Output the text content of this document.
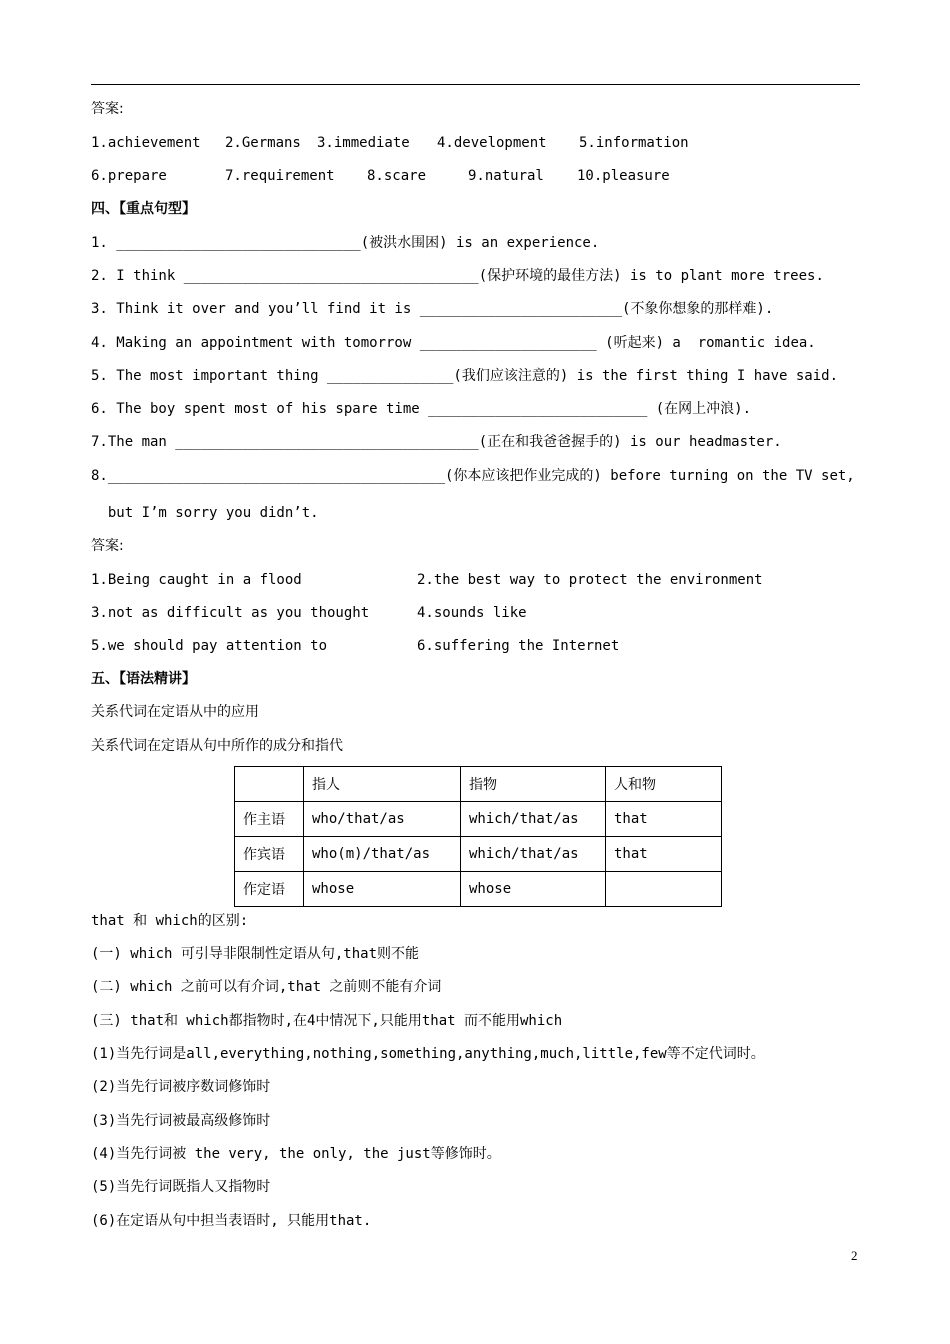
答案:
1.achievement 2.Germans 3.immediate 4.development 5.information
6.prepare	7.requirement 8.scare	9.natural 10.pleasure
四、【重点句型】
1. _____________________________(被洪水围困) is an experience.
2. I think ___________________________________(保护环境的最佳方法) is to plant more trees.
3. Think it over and you’ll find it is ________________________(不象你想象的那样难).
4. Making an appointment with tomorrow _____________________ (听起来) a  romantic idea.
5. The most important thing _______________(我们应该注意的) is the first thing I have said.
6. The boy spent most of his spare time __________________________ (在网上冲浪).
7.The man ____________________________________(正在和我爸爸握手的) is our headmaster.
8.________________________________________(你本应该把作业完成的) before turning on the TV set,
but I’m sorry you didn’t.
答案:
1.Being caught in a flood	2.the best way to protect the environment
3.not as difficult as you thought	4.sounds like
5.we should pay attention to	6.suffering the Internet
五、【语法精讲】
关系代词在定语从中的应用
关系代词在定语从句中所作的成分和指代
	指人	指物	人和物
作主语	who/that/as	which/that/as	that
作宾语	who(m)/that/as	which/that/as	that
作定语	whose	whose	
that 和 which的区别:
(一) which 可引导非限制性定语从句,that则不能
(二) which 之前可以有介词,that 之前则不能有介词
(三) that和 which都指物时,在4中情况下,只能用that 而不能用which
(1)当先行词是all,everything,nothing,something,anything,much,little,few等不定代词时。
(2)当先行词被序数词修饰时
(3)当先行词被最高级修饰时
(4)当先行词被 the very, the only, the just等修饰时。
(5)当先行词既指人又指物时
(6)在定语从句中担当表语时, 只能用that.
2
